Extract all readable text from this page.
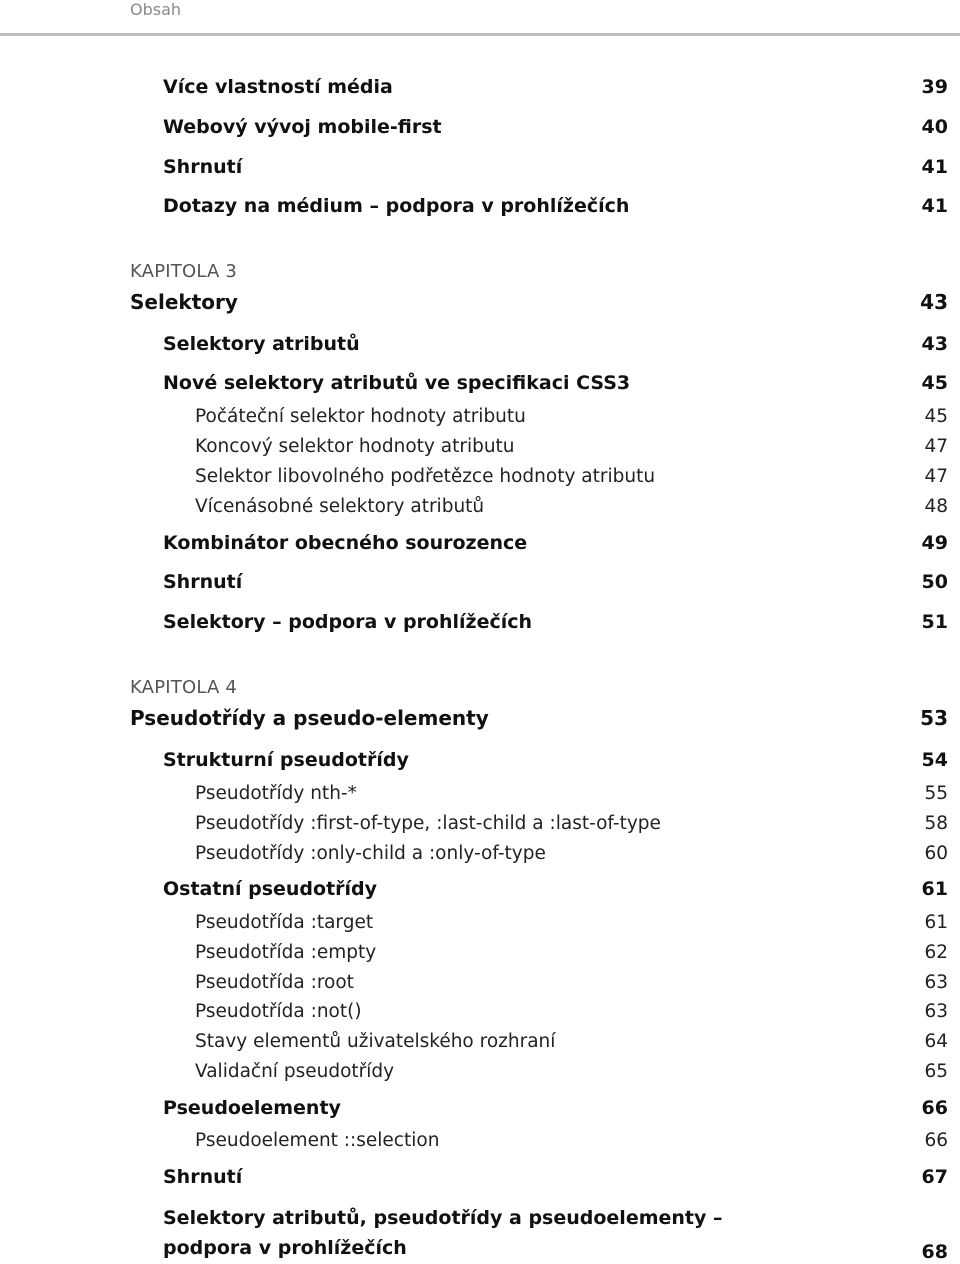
Obsah
Více vlastností média	39
Webový vývoj mobile-first	40
Shrnutí	41
Dotazy na médium – podpora v prohlížečích	41
KAPITOLA 3
Selektory	43
Selektory atributů	43
Nové selektory atributů ve specifikaci CSS3	45
Počáteční selektor hodnoty atributu	45
Koncový selektor hodnoty atributu	47
Selektor libovolného podřetězce hodnoty atributu	47
Vícenásobné selektory atributů	48
Kombinátor obecného sourozence	49
Shrnutí	50
Selektory – podpora v prohlížečích	51
KAPITOLA 4
Pseudotřídy a pseudo-elementy	53
Strukturní pseudotřídy	54
Pseudotřídy nth-*	55
Pseudotřídy :first-of-type, :last-child a :last-of-type	58
Pseudotřídy :only-child a :only-of-type	60
Ostatní pseudotřídy	61
Pseudotřída :target	61
Pseudotřída :empty	62
Pseudotřída :root	63
Pseudotřída :not()	63
Stavy elementů uživatelského rozhraní	64
Validační pseudotřídy	65
Pseudoelementy	66
Pseudoelement ::selection	66
Shrnutí	67
Selektory atributů, pseudotřídy a pseudoelementy – podpora v prohlížečích	68
